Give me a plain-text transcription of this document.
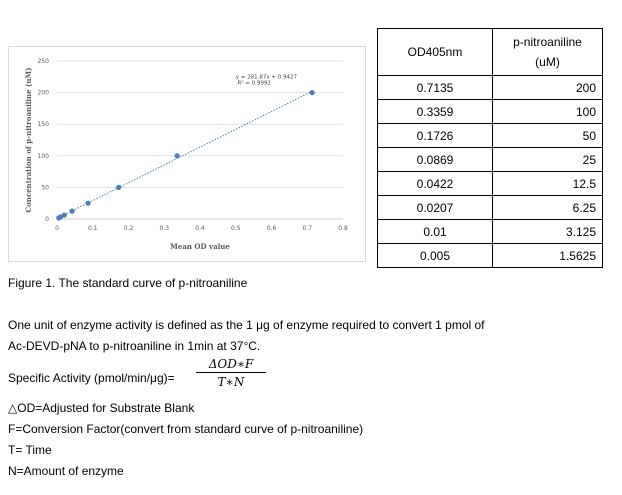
0
50
100
150
200
250
0	0.1	0.2	0.3	0.4	0.5	0.6	0.7	0.8
y = 281.87x + 0.9427
R² = 0.9992
Mean OD value
Concentration of p-nitroaniline (uM)
OD405nm	p-nitroaniline
(uM)
0.7135	200
0.3359	100
0.1726	50
0.0869	25
0.0422	12.5
0.0207	6.25
0.01	3.125
0.005	1.5625
Figure 1. The standard curve of p-nitroaniline
One unit of enzyme activity is defined as the 1 μg of enzyme required to convert 1 pmol of
Ac-DEVD-pNA to p-nitroaniline in 1min at 37°C.
Specific Activity (pmol/min/μg)=
ΔOD∗F
T∗N
△OD=Adjusted for Substrate Blank
F=Conversion Factor(convert from standard curve of p-nitroaniline)
T= Time
N=Amount of enzyme
